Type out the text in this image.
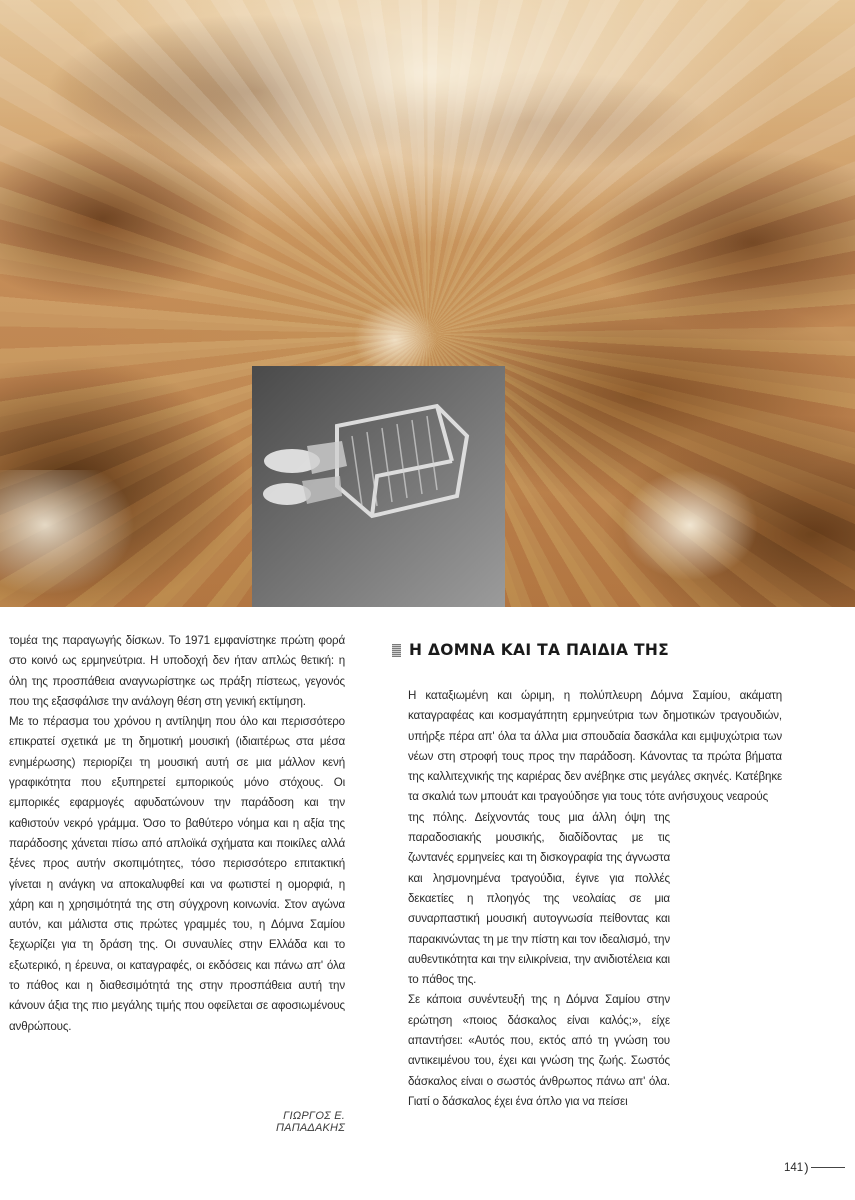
τομέα της παραγωγής δίσκων. Το 1971 εμφανίστηκε πρώτη φορά στο κοινό ως ερμηνεύτρια. Η υποδοχή δεν ήταν απλώς θετική: η όλη της προσπάθεια αναγνωρίστηκε ως πράξη πίστεως, γεγονός που της εξασφάλισε την ανάλογη θέση στη γενική εκτίμηση.

Με το πέρασμα του χρόνου η αντίληψη που όλο και περισσότερο επικρατεί σχετικά με τη δημοτική μουσική (ιδιαιτέρως στα μέσα ενημέρωσης) περιορίζει τη μουσική αυτή σε μια μάλλον κενή γραφικότητα που εξυπηρετεί εμπορικούς μόνο στόχους. Οι εμπορικές εφαρμογές αφυδατώνουν την παράδοση και την καθιστούν νεκρό γράμμα. Όσο το βαθύτερο νόημα και η αξία της παράδοσης χάνεται πίσω από απλοϊκά σχήματα και ποικίλες αλλά ξένες προς αυτήν σκοπιμότητες, τόσο περισσότερο επιτακτική γίνεται η ανάγκη να αποκαλυφθεί και να φωτιστεί η ομορφιά, η χάρη και η χρησιμότητά της στη σύγχρονη κοινωνία. Στον αγώνα αυτόν, και μάλιστα στις πρώτες γραμμές του, η Δόμνα Σαμίου ξεχωρίζει για τη δράση της. Οι συναυλίες στην Ελλάδα και το εξωτερικό, η έρευνα, οι καταγραφές, οι εκδόσεις και πάνω απ' όλα το πάθος και η διαθεσιμότητά της στην προσπάθεια αυτή την κάνουν άξια της πιο μεγάλης τιμής που οφείλεται σε αφοσιωμένους ανθρώπους.

ΓΙΩΡΓΟΣ Ε. ΠΑΠΑΔΑΚΗΣ
Η ΔΟΜΝΑ ΚΑΙ ΤΑ ΠΑΙΔΙΑ ΤΗΣ

Η καταξιωμένη και ώριμη, η πολύπλευρη Δόμνα Σαμίου, ακάματη καταγραφέας και κοσμαγάπητη ερμηνεύτρια των δημοτικών τραγουδιών, υπήρξε πέρα απ' όλα τα άλλα μια σπουδαία δασκάλα και εμψυχώτρια των νέων στη στροφή τους προς την παράδοση. Κάνοντας τα πρώτα βήματα της καλλιτεχνικής της καριέρας δεν ανέβηκε στις μεγάλες σκηνές. Κατέβηκε τα σκαλιά των μπουάτ και τραγούδησε για τους τότε ανήσυχους νεαρούς

της πόλης. Δείχνοντάς τους μια άλλη όψη της παραδοσιακής μουσικής, διαδίδοντας με τις ζωντανές ερμηνείες και τη δισκογραφία της άγνωστα και λησμονημένα τραγούδια, έγινε για πολλές δεκαετίες η πλοηγός της νεολαίας σε μια συναρπαστική μουσική αυτογνωσία πείθοντας και παρακινώντας τη με την πίστη και τον ιδεαλισμό, την αυθεντικότητα και την ειλικρίνεια, την ανιδιοτέλεια και το πάθος της.

Σε κάποια συνέντευξή της η Δόμνα Σαμίου στην ερώτηση «ποιος δάσκαλος είναι καλός;», είχε απαντήσει: «Αυτός που, εκτός από τη γνώση του αντικειμένου του, έχει και γνώση της ζωής. Σωστός δάσκαλος είναι ο σωστός άνθρωπος πάνω απ' όλα. Γιατί ο δάσκαλος έχει ένα όπλο για να πείσει

141 )
